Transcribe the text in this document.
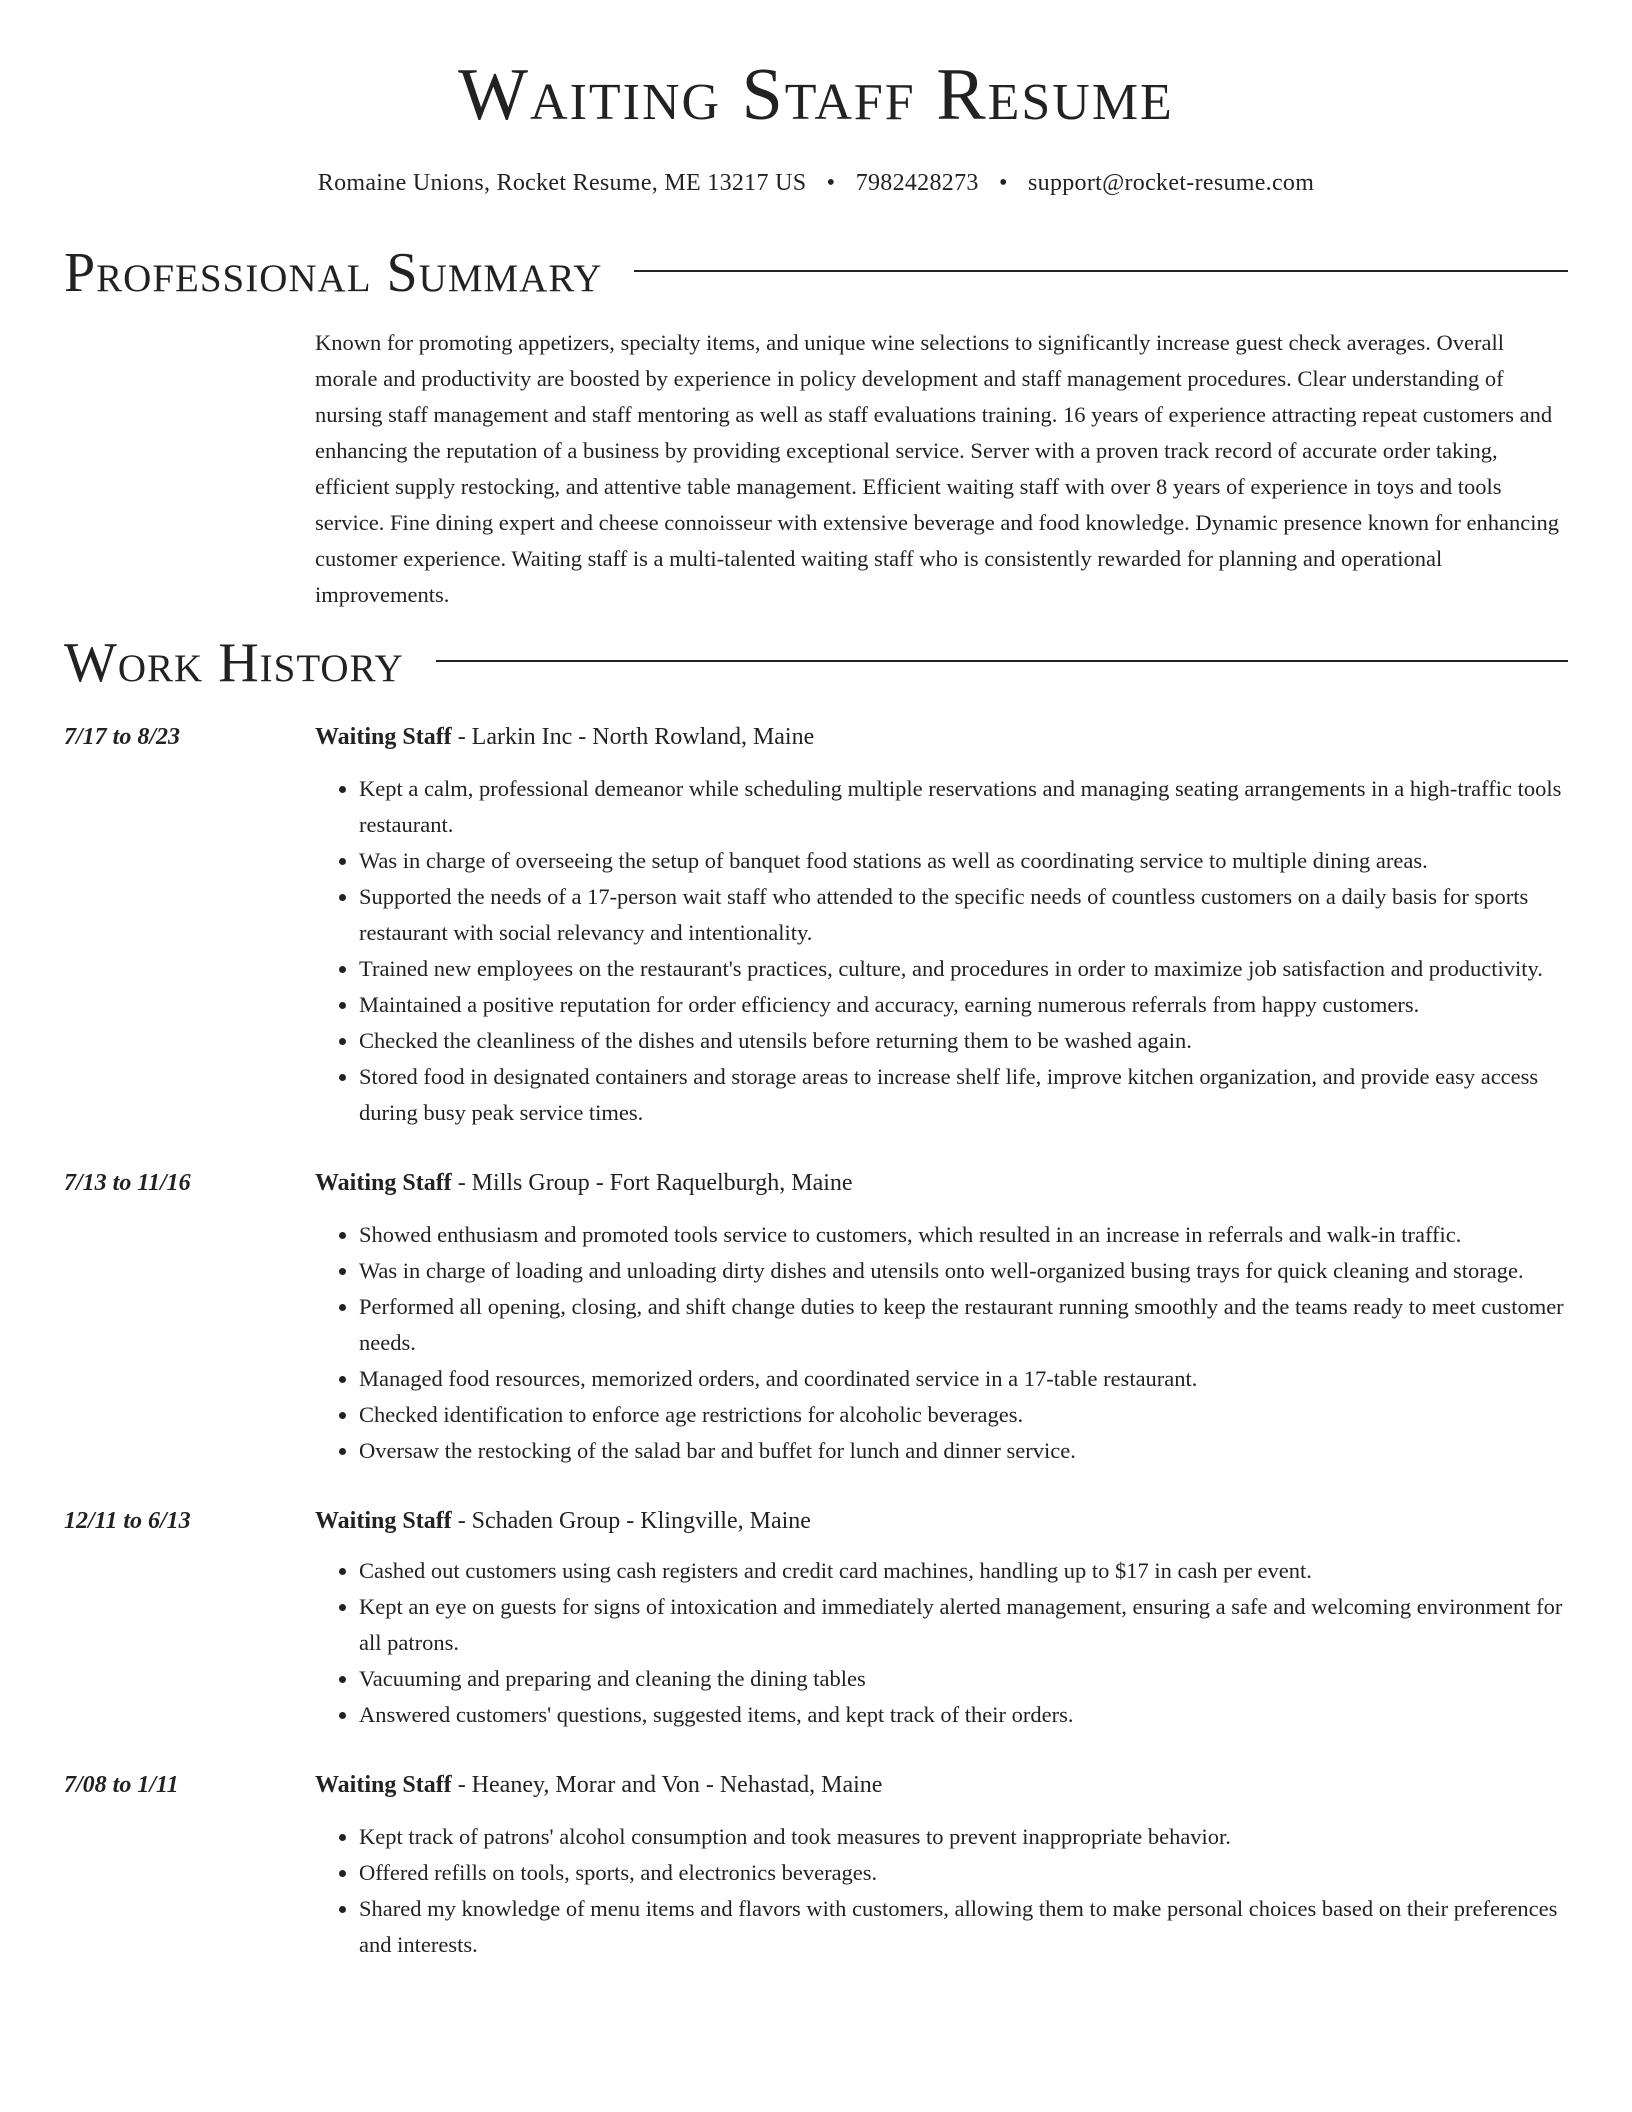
Waiting Staff Resume
Romaine Unions, Rocket Resume, ME 13217 US • 7982428273 • support@rocket-resume.com
Professional Summary
Known for promoting appetizers, specialty items, and unique wine selections to significantly increase guest check averages. Overall morale and productivity are boosted by experience in policy development and staff management procedures. Clear understanding of nursing staff management and staff mentoring as well as staff evaluations training. 16 years of experience attracting repeat customers and enhancing the reputation of a business by providing exceptional service. Server with a proven track record of accurate order taking, efficient supply restocking, and attentive table management. Efficient waiting staff with over 8 years of experience in toys and tools service. Fine dining expert and cheese connoisseur with extensive beverage and food knowledge. Dynamic presence known for enhancing customer experience. Waiting staff is a multi-talented waiting staff who is consistently rewarded for planning and operational improvements.
Work History
7/17 to 8/23	Waiting Staff - Larkin Inc - North Rowland, Maine
• Kept a calm, professional demeanor while scheduling multiple reservations and managing seating arrangements in a high-traffic tools restaurant.
• Was in charge of overseeing the setup of banquet food stations as well as coordinating service to multiple dining areas.
• Supported the needs of a 17-person wait staff who attended to the specific needs of countless customers on a daily basis for sports restaurant with social relevancy and intentionality.
• Trained new employees on the restaurant's practices, culture, and procedures in order to maximize job satisfaction and productivity.
• Maintained a positive reputation for order efficiency and accuracy, earning numerous referrals from happy customers.
• Checked the cleanliness of the dishes and utensils before returning them to be washed again.
• Stored food in designated containers and storage areas to increase shelf life, improve kitchen organization, and provide easy access during busy peak service times.
7/13 to 11/16	Waiting Staff - Mills Group - Fort Raquelburgh, Maine
• Showed enthusiasm and promoted tools service to customers, which resulted in an increase in referrals and walk-in traffic.
• Was in charge of loading and unloading dirty dishes and utensils onto well-organized busing trays for quick cleaning and storage.
• Performed all opening, closing, and shift change duties to keep the restaurant running smoothly and the teams ready to meet customer needs.
• Managed food resources, memorized orders, and coordinated service in a 17-table restaurant.
• Checked identification to enforce age restrictions for alcoholic beverages.
• Oversaw the restocking of the salad bar and buffet for lunch and dinner service.
12/11 to 6/13	Waiting Staff - Schaden Group - Klingville, Maine
• Cashed out customers using cash registers and credit card machines, handling up to $17 in cash per event.
• Kept an eye on guests for signs of intoxication and immediately alerted management, ensuring a safe and welcoming environment for all patrons.
• Vacuuming and preparing and cleaning the dining tables
• Answered customers' questions, suggested items, and kept track of their orders.
7/08 to 1/11	Waiting Staff - Heaney, Morar and Von - Nehastad, Maine
• Kept track of patrons' alcohol consumption and took measures to prevent inappropriate behavior.
• Offered refills on tools, sports, and electronics beverages.
• Shared my knowledge of menu items and flavors with customers, allowing them to make personal choices based on their preferences and interests.
